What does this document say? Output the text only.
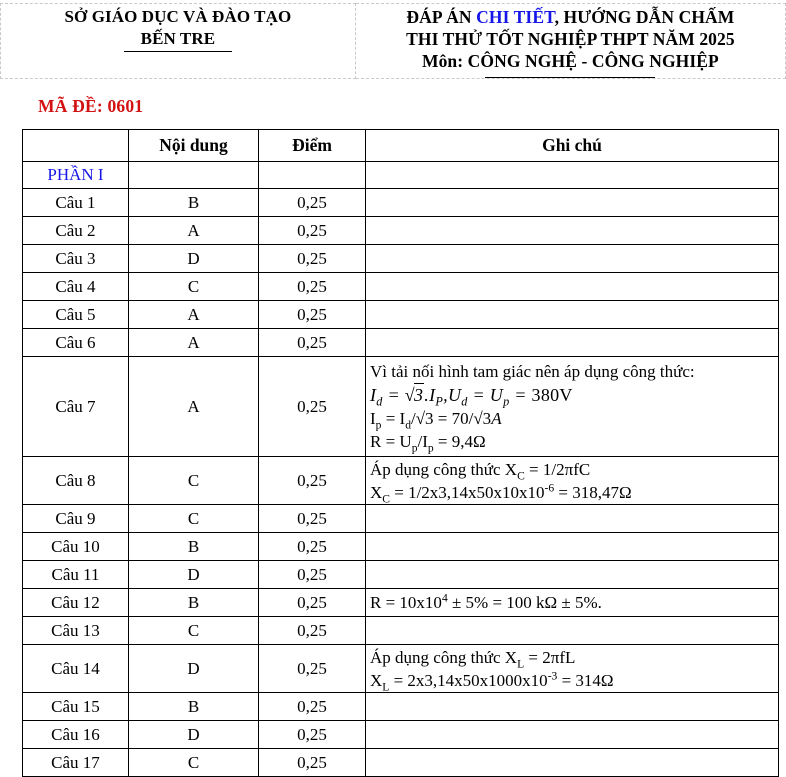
SỞ GIÁO DỤC VÀ ĐÀO TẠO
BẾN TRE

ĐÁP ÁN CHI TIẾT, HƯỚNG DẪN CHẤM
THI THỬ TỐT NGHIỆP THPT NĂM 2025
Môn: CÔNG NGHỆ - CÔNG NGHIỆP
MÃ ĐỀ: 0601
	Nội dung	Điểm	Ghi chú
PHẦN I			
Câu 1	B	0,25	
Câu 2	A	0,25	
Câu 3	D	0,25	
Câu 4	C	0,25	
Câu 5	A	0,25	
Câu 6	A	0,25	
Câu 7	A	0,25	Vì tải nối hình tam giác nên áp dụng công thức:
$I_d = √3.I_P,U_d = U_p = 380V$
$I_p = I_d/√3 = 70/√3A$
$R = U_p/I_p = 9,4\Omega$

Câu 8	C	0,25	Áp dụng công thức $X_C = 1/2\pi fC$
$X_C = 1/2x3,14x50x10x10^{-6} = 318,47\Omega$

Câu 9	C	0,25	
Câu 10	B	0,25	
Câu 11	D	0,25	
Câu 12	B	0,25	$R = 10x10^4 \pm 5\% = 100$ kΩ ± 5%.

Câu 13	C	0,25	
Câu 14	D	0,25	Áp dụng công thức $X_L = 2\pi fL$
$X_L = 2x3,14x50x1000x10^{-3} = 314\Omega$

Câu 15	B	0,25	
Câu 16	D	0,25	
Câu 17	C	0,25	
